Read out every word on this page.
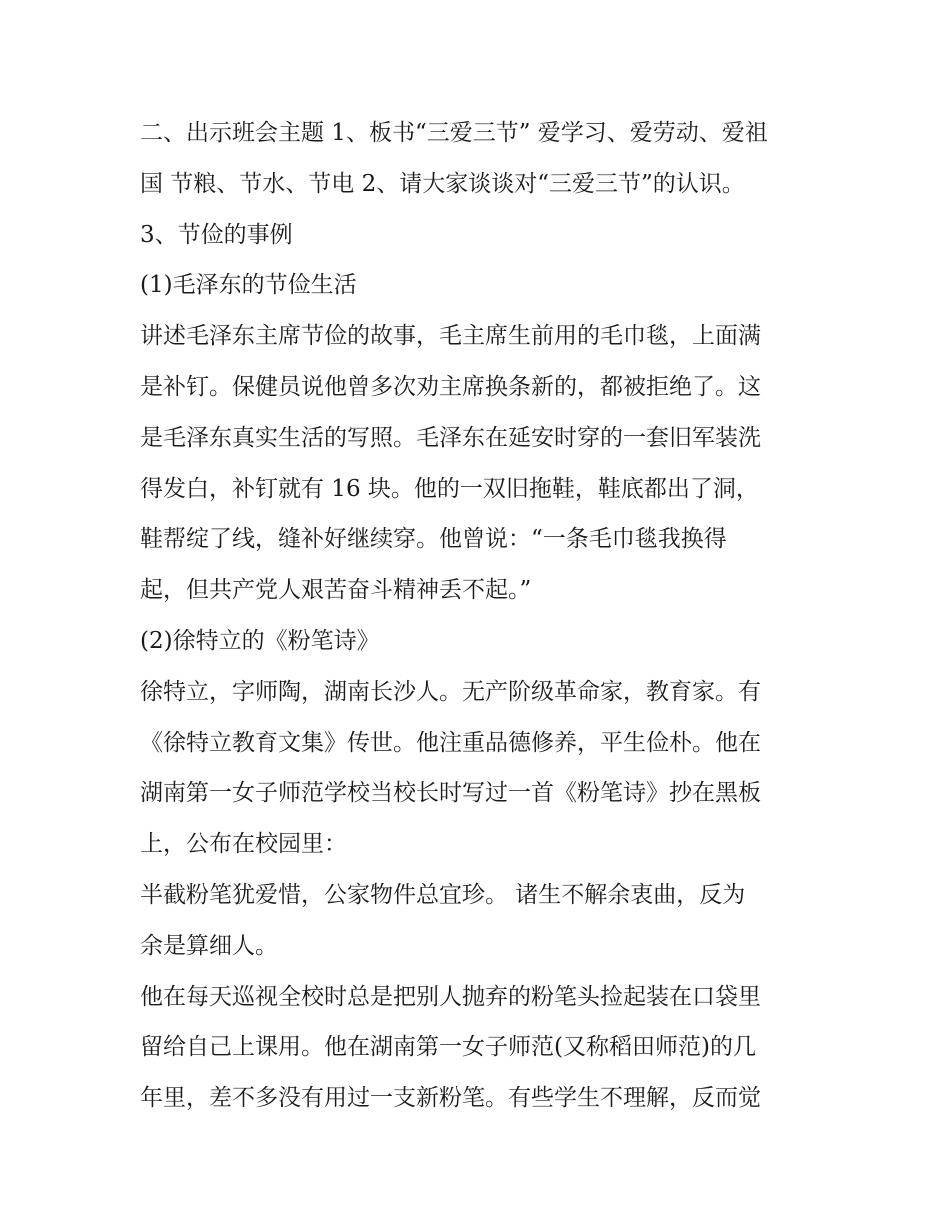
二、出示班会主题 1、板书“三爱三节” 爱学习、爱劳动、爱祖
国 节粮、节水、节电 2、请大家谈谈对“三爱三节”的认识。
3、节俭的事例
(1)毛泽东的节俭生活
讲述毛泽东主席节俭的故事，毛主席生前用的毛巾毯，上面满
是补钉。保健员说他曾多次劝主席换条新的，都被拒绝了。这
是毛泽东真实生活的写照。毛泽东在延安时穿的一套旧军装洗
得发白，补钉就有 16 块。他的一双旧拖鞋，鞋底都出了洞，
鞋帮绽了线，缝补好继续穿。他曾说：“一条毛巾毯我换得
起，但共产党人艰苦奋斗精神丢不起。”
(2)徐特立的《粉笔诗》
徐特立，字师陶，湖南长沙人。无产阶级革命家，教育家。有
《徐特立教育文集》传世。他注重品德修养，平生俭朴。他在
湖南第一女子师范学校当校长时写过一首《粉笔诗》抄在黑板
上，公布在校园里：
半截粉笔犹爱惜，公家物件总宜珍。 诸生不解余衷曲，反为
余是算细人。
他在每天巡视全校时总是把别人抛弃的粉笔头捡起装在口袋里
留给自己上课用。他在湖南第一女子师范(又称稻田师范)的几
年里，差不多没有用过一支新粉笔。有些学生不理解，反而觉
